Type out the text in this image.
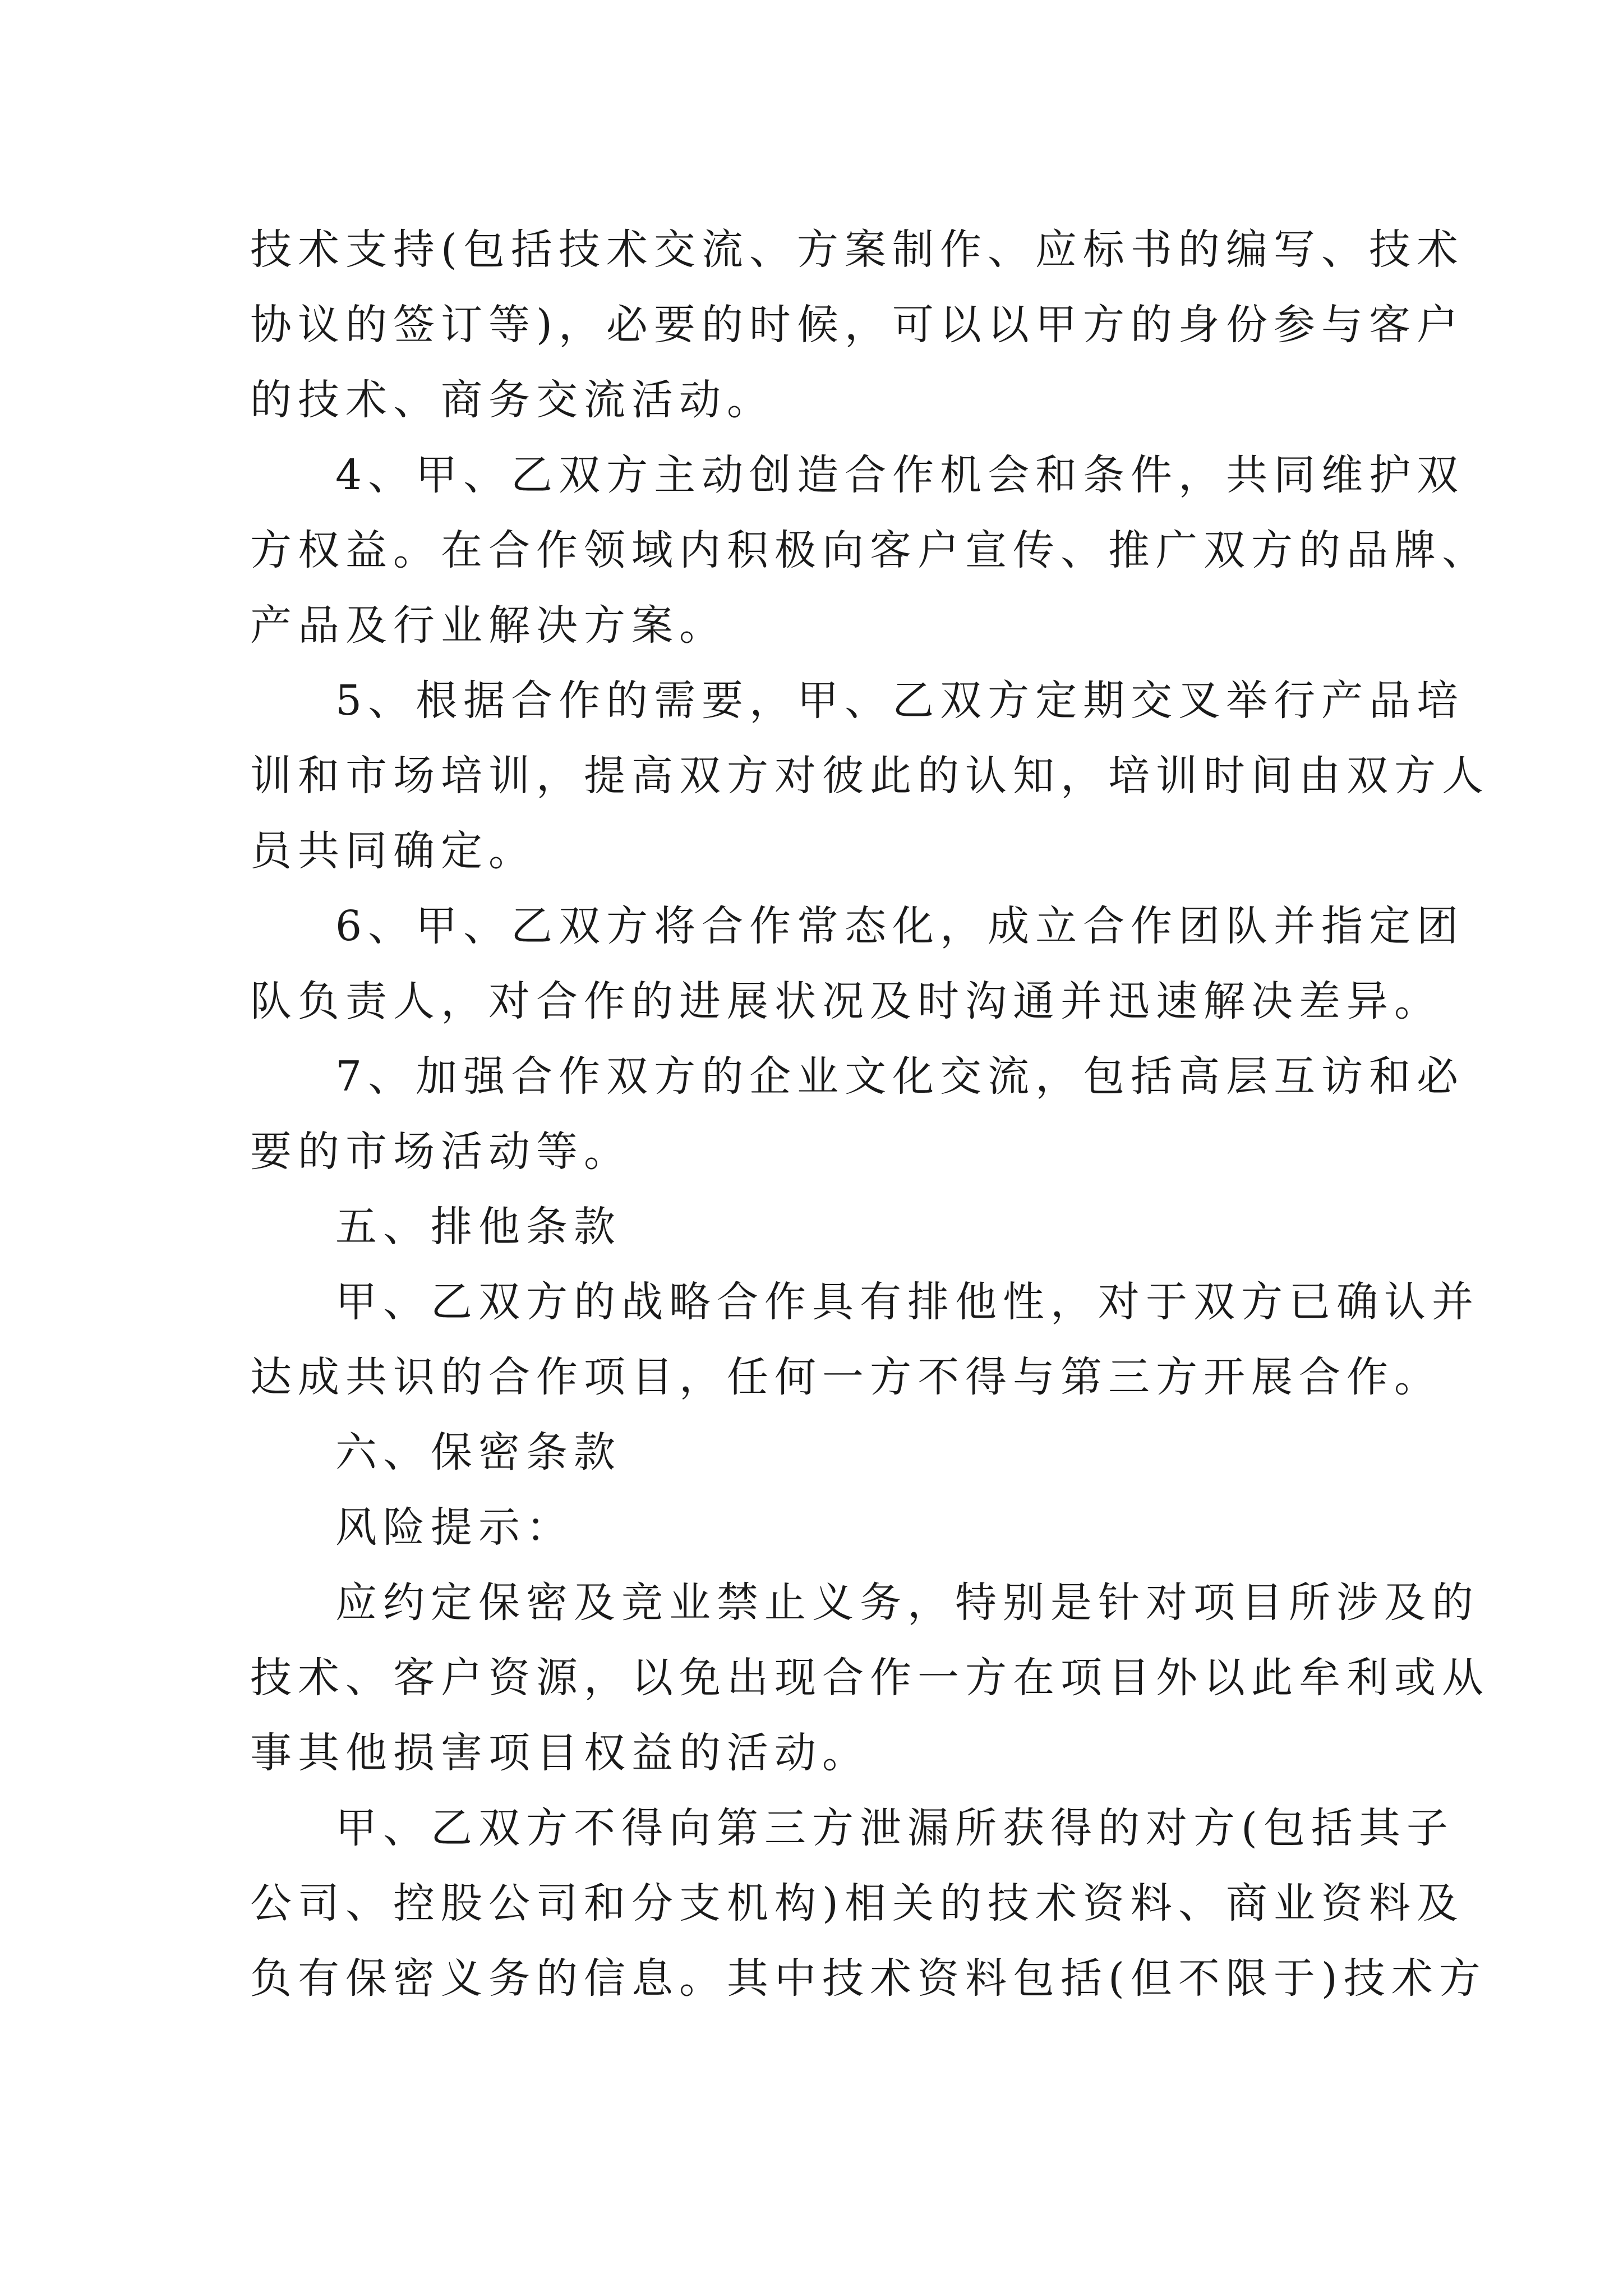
技术支持(包括技术交流、方案制作、应标书的编写、技术
协议的签订等)，必要的时候，可以以甲方的身份参与客户
的技术、商务交流活动。
4、甲、乙双方主动创造合作机会和条件，共同维护双
方权益。在合作领域内积极向客户宣传、推广双方的品牌、
产品及行业解决方案。
5、根据合作的需要，甲、乙双方定期交叉举行产品培
训和市场培训，提高双方对彼此的认知，培训时间由双方人
员共同确定。
6、甲、乙双方将合作常态化，成立合作团队并指定团
队负责人，对合作的进展状况及时沟通并迅速解决差异。
7、加强合作双方的企业文化交流，包括高层互访和必
要的市场活动等。
五、排他条款
甲、乙双方的战略合作具有排他性，对于双方已确认并
达成共识的合作项目，任何一方不得与第三方开展合作。
六、保密条款
风险提示：
应约定保密及竞业禁止义务，特别是针对项目所涉及的
技术、客户资源，以免出现合作一方在项目外以此牟利或从
事其他损害项目权益的活动。
甲、乙双方不得向第三方泄漏所获得的对方(包括其子
公司、控股公司和分支机构)相关的技术资料、商业资料及
负有保密义务的信息。其中技术资料包括(但不限于)技术方
